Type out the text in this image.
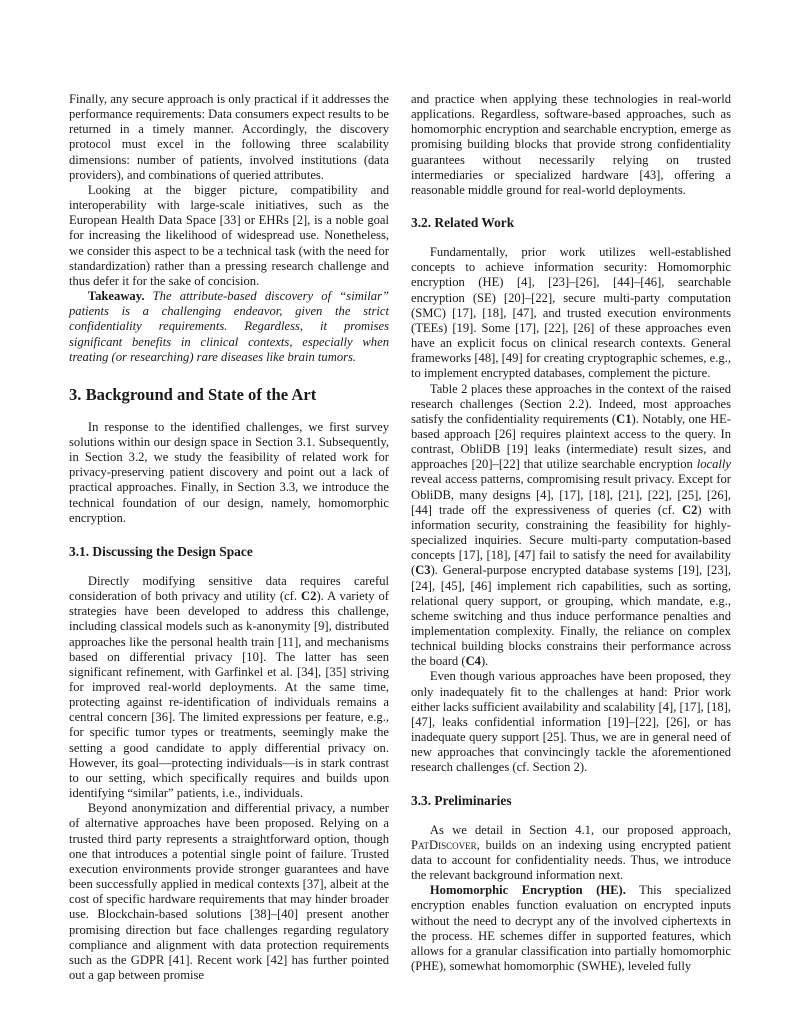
Finally, any secure approach is only practical if it addresses the performance requirements: Data consumers expect results to be returned in a timely manner. Accordingly, the discovery protocol must excel in the following three scalability dimensions: number of patients, involved institutions (data providers), and combinations of queried attributes.

Looking at the bigger picture, compatibility and interoperability with large-scale initiatives, such as the European Health Data Space [33] or EHRs [2], is a noble goal for increasing the likelihood of widespread use. Nonetheless, we consider this aspect to be a technical task (with the need for standardization) rather than a pressing research challenge and thus defer it for the sake of concision.

Takeaway. The attribute-based discovery of “similar” patients is a challenging endeavor, given the strict confidentiality requirements. Regardless, it promises significant benefits in clinical contexts, especially when treating (or researching) rare diseases like brain tumors.

3. Background and State of the Art

In response to the identified challenges, we first survey solutions within our design space in Section 3.1. Subsequently, in Section 3.2, we study the feasibility of related work for privacy-preserving patient discovery and point out a lack of practical approaches. Finally, in Section 3.3, we introduce the technical foundation of our design, namely, homomorphic encryption.

3.1. Discussing the Design Space

Directly modifying sensitive data requires careful consideration of both privacy and utility (cf. C2). A variety of strategies have been developed to address this challenge, including classical models such as k-anonymity [9], distributed approaches like the personal health train [11], and mechanisms based on differential privacy [10]. The latter has seen significant refinement, with Garfinkel et al. [34], [35] striving for improved real-world deployments. At the same time, protecting against re-identification of individuals remains a central concern [36]. The limited expressions per feature, e.g., for specific tumor types or treatments, seemingly make the setting a good candidate to apply differential privacy on. However, its goal—protecting individuals—is in stark contrast to our setting, which specifically requires and builds upon identifying “similar” patients, i.e., individuals.

Beyond anonymization and differential privacy, a number of alternative approaches have been proposed. Relying on a trusted third party represents a straightforward option, though one that introduces a potential single point of failure. Trusted execution environments provide stronger guarantees and have been successfully applied in medical contexts [37], albeit at the cost of specific hardware requirements that may hinder broader use. Blockchain-based solutions [38]–[40] present another promising direction but face challenges regarding regulatory compliance and alignment with data protection requirements such as the GDPR [41]. Recent work [42] has further pointed out a gap between promise

and practice when applying these technologies in real-world applications. Regardless, software-based approaches, such as homomorphic encryption and searchable encryption, emerge as promising building blocks that provide strong confidentiality guarantees without necessarily relying on trusted intermediaries or specialized hardware [43], offering a reasonable middle ground for real-world deployments.

3.2. Related Work

Fundamentally, prior work utilizes well-established concepts to achieve information security: Homomorphic encryption (HE) [4], [23]–[26], [44]–[46], searchable encryption (SE) [20]–[22], secure multi-party computation (SMC) [17], [18], [47], and trusted execution environments (TEEs) [19]. Some [17], [22], [26] of these approaches even have an explicit focus on clinical research contexts. General frameworks [48], [49] for creating cryptographic schemes, e.g., to implement encrypted databases, complement the picture.

Table 2 places these approaches in the context of the raised research challenges (Section 2.2). Indeed, most approaches satisfy the confidentiality requirements (C1). Notably, one HE-based approach [26] requires plaintext access to the query. In contrast, ObliDB [19] leaks (intermediate) result sizes, and approaches [20]–[22] that utilize searchable encryption locally reveal access patterns, compromising result privacy. Except for ObliDB, many designs [4], [17], [18], [21], [22], [25], [26], [44] trade off the expressiveness of queries (cf. C2) with information security, constraining the feasibility for highly-specialized inquiries. Secure multi-party computation-based concepts [17], [18], [47] fail to satisfy the need for availability (C3). General-purpose encrypted database systems [19], [23], [24], [45], [46] implement rich capabilities, such as sorting, relational query support, or grouping, which mandate, e.g., scheme switching and thus induce performance penalties and implementation complexity. Finally, the reliance on complex technical building blocks constrains their performance across the board (C4).

Even though various approaches have been proposed, they only inadequately fit to the challenges at hand: Prior work either lacks sufficient availability and scalability [4], [17], [18], [47], leaks confidential information [19]–[22], [26], or has inadequate query support [25]. Thus, we are in general need of new approaches that convincingly tackle the aforementioned research challenges (cf. Section 2).

3.3. Preliminaries

As we detail in Section 4.1, our proposed approach, PatDiscover, builds on an indexing using encrypted patient data to account for confidentiality needs. Thus, we introduce the relevant background information next.

Homomorphic Encryption (HE). This specialized encryption enables function evaluation on encrypted inputs without the need to decrypt any of the involved ciphertexts in the process. HE schemes differ in supported features, which allows for a granular classification into partially homomorphic (PHE), somewhat homomorphic (SWHE), leveled fully
